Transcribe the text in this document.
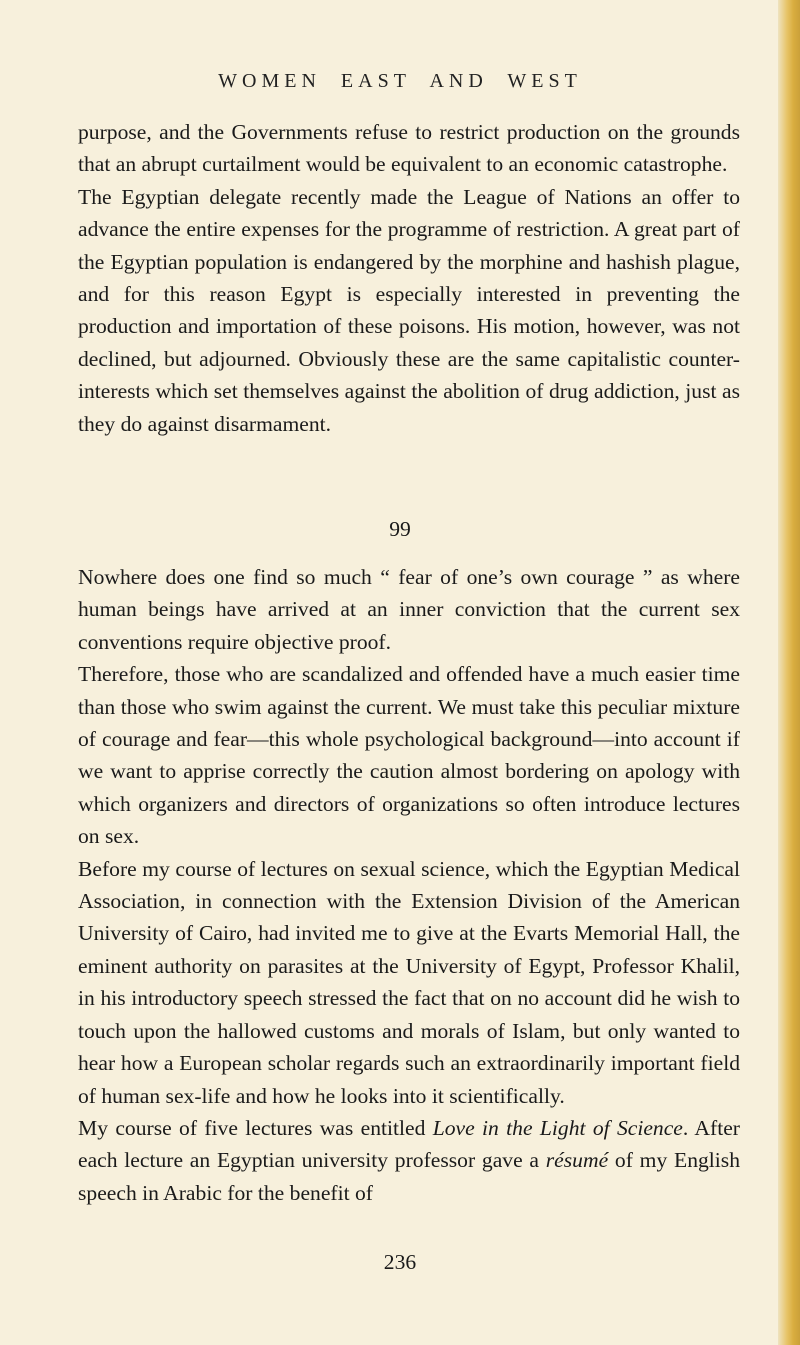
WOMEN EAST AND WEST

purpose, and the Governments refuse to restrict production on the grounds that an abrupt curtailment would be equivalent to an economic catastrophe.

The Egyptian delegate recently made the League of Nations an offer to advance the entire expenses for the programme of restriction. A great part of the Egyptian population is endangered by the morphine and hashish plague, and for this reason Egypt is especially interested in preventing the production and importation of these poisons. His motion, however, was not declined, but adjourned. Obviously these are the same capitalistic counter-interests which set themselves against the abolition of drug addiction, just as they do against disarmament.

99

Nowhere does one find so much “ fear of one’s own courage ” as where human beings have arrived at an inner conviction that the current sex conventions require objective proof.

Therefore, those who are scandalized and offended have a much easier time than those who swim against the current. We must take this peculiar mixture of courage and fear—this whole psychological background—into account if we want to apprise correctly the caution almost bordering on apology with which organizers and directors of organizations so often introduce lectures on sex.

Before my course of lectures on sexual science, which the Egyptian Medical Association, in connection with the Extension Division of the American University of Cairo, had invited me to give at the Evarts Memorial Hall, the eminent authority on parasites at the University of Egypt, Professor Khalil, in his introductory speech stressed the fact that on no account did he wish to touch upon the hallowed customs and morals of Islam, but only wanted to hear how a European scholar regards such an extraordinarily important field of human sex-life and how he looks into it scientifically.

My course of five lectures was entitled Love in the Light of Science. After each lecture an Egyptian university professor gave a résumé of my English speech in Arabic for the benefit of

236
